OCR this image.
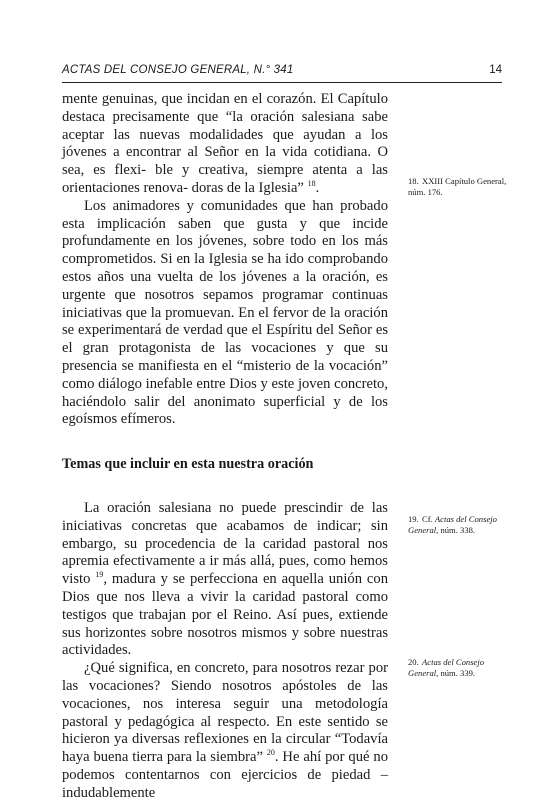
ACTAS DEL CONSEJO GENERAL, N.° 341	14

mente genuinas, que incidan en el corazón. El Capítulo destaca precisamente que “la oración salesiana sabe aceptar las nuevas modalidades que ayudan a los jóvenes a encontrar al Señor en la vida cotidiana. O sea, es flexi- ble y creativa, siempre atenta a las orientaciones renova- doras de la Iglesia” $^{18}$.

Los animadores y comunidades que han probado esta implicación saben que gusta y que incide profundamente en los jóvenes, sobre todo en los más comprometidos. Si en la Iglesia se ha ido comprobando estos años una vuelta de los jóvenes a la oración, es urgente que nosotros sepamos programar continuas iniciativas que la promuevan. En el fervor de la oración se experimentará de verdad que el Espíritu del Señor es el gran protagonista de las vocaciones y que su presencia se manifiesta en el “misterio de la vocación” como diálogo inefable entre Dios y este joven concreto, haciéndolo salir del anonimato superficial y de los egoísmos efímeros.

Temas que incluir en esta nuestra oración

La oración salesiana no puede prescindir de las iniciativas concretas que acabamos de indicar; sin embargo, su procedencia de la caridad pastoral nos apremia efectivamente a ir más allá, pues, como hemos visto $^{19}$, madura y se perfecciona en aquella unión con Dios que nos lleva a vivir la caridad pastoral como testigos que trabajan por el Reino. Así pues, extiende sus horizontes sobre nosotros mismos y sobre nuestras actividades.

¿Qué significa, en concreto, para nosotros rezar por las vocaciones? Siendo nosotros apóstoles de las vocaciones, nos interesa seguir una metodología pastoral y pedagógica al respecto. En este sentido se hicieron ya diversas reflexiones en la circular “Todavía haya buena tierra para la siembra” $^{20}$. He ahí por qué no podemos contentarnos con ejercicios de piedad –indudablemente

18. XXIII Capítulo General, núm. 176.
19. Cf. Actas del Consejo General, núm. 338.
20. Actas del Consejo General, núm. 339.
